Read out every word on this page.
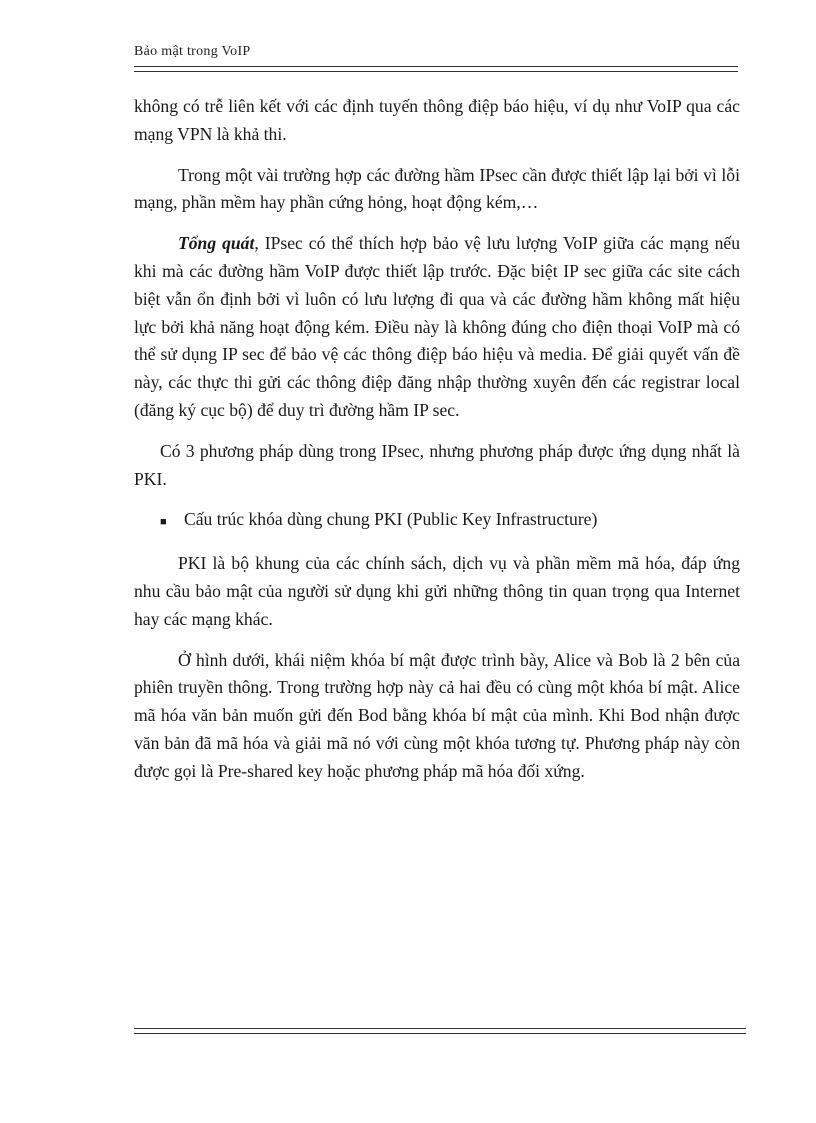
Bảo mật trong VoIP

không có trễ liên kết với các định tuyến thông điệp báo hiệu, ví dụ như VoIP qua các mạng VPN là khả thi.

Trong một vài trường hợp các đường hầm IPsec cần được thiết lập lại bởi vì lỗi mạng, phần mềm hay phần cứng hỏng, hoạt động kém,…

Tổng quát, IPsec có thể thích hợp bảo vệ lưu lượng VoIP giữa các mạng nếu khi mà các đường hầm VoIP được thiết lập trước. Đặc biệt IP sec giữa các site cách biệt vẫn ổn định bởi vì luôn có lưu lượng đi qua và các đường hầm không mất hiệu lực bởi khả năng hoạt động kém. Điều này là không đúng cho điện thoại VoIP mà có thể sử dụng IP sec để bảo vệ các thông điệp báo hiệu và media. Để giải quyết vấn đề này, các thực thi gửi các thông điệp đăng nhập thường xuyên đến các registrar local (đăng ký cục bộ) để duy trì đường hầm IP sec.

Có 3 phương pháp dùng trong IPsec, nhưng phương pháp được ứng dụng nhất là PKI.

■ Cấu trúc khóa dùng chung PKI (Public Key Infrastructure)

PKI là bộ khung của các chính sách, dịch vụ và phần mềm mã hóa, đáp ứng nhu cầu bảo mật của người sử dụng khi gửi những thông tin quan trọng qua Internet hay các mạng khác.

Ở hình dưới, khái niệm khóa bí mật được trình bày, Alice và Bob là 2 bên của phiên truyền thông. Trong trường hợp này cả hai đều có cùng một khóa bí mật. Alice mã hóa văn bản muốn gửi đến Bod bằng khóa bí mật của mình. Khi Bod nhận được văn bản đã mã hóa và giải mã nó với cùng một khóa tương tự. Phương pháp này còn được gọi là Pre-shared key hoặc phương pháp mã hóa đối xứng.
